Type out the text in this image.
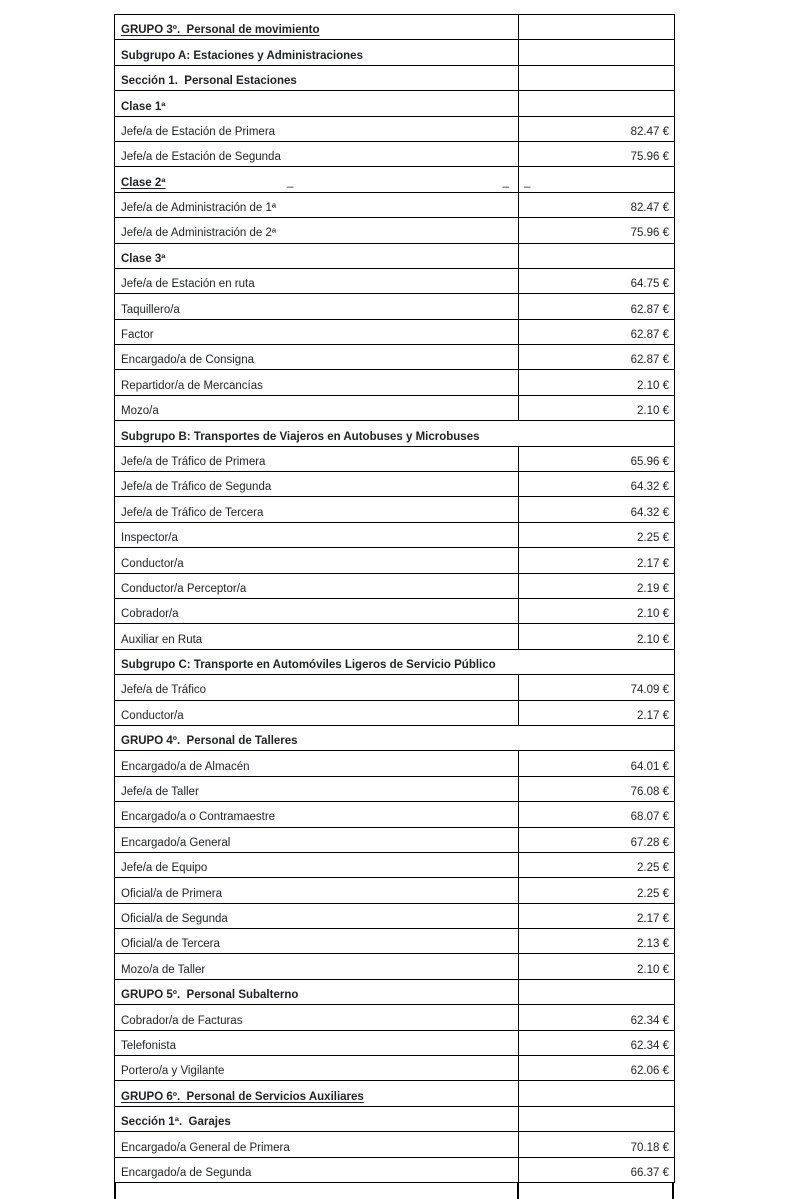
GRUPO 3º.  Personal de movimiento	
Subgrupo A: Estaciones y Administraciones	
Sección 1.  Personal Estaciones	
Clase 1ª	
Jefe/a de Estación de Primera	82.47 €
Jefe/a de Estación de Segunda	75.96 €
Clase 2ª _ _	_

Jefe/a de Administración de 1ª	82.47 €
Jefe/a de Administración de 2ª	75.96 €
Clase 3ª	
Jefe/a de Estación en ruta	64.75 €
Taquillero/a	62.87 €
Factor	62.87 €
Encargado/a de Consigna	62.87 €
Repartidor/a de Mercancías	2.10 €
Mozo/a	2.10 €
Subgrupo B: Transportes de Viajeros en Autobuses y Microbuses	
Jefe/a de Tráfico de Primera	65.96 €
Jefe/a de Tráfico de Segunda	64.32 €
Jefe/a de Tráfico de Tercera	64.32 €
Inspector/a	2.25 €
Conductor/a	2.17 €
Conductor/a Perceptor/a	2.19 €
Cobrador/a	2.10 €
Auxiliar en Ruta	2.10 €
Subgrupo C: Transporte en Automóviles Ligeros de Servicio Público	
Jefe/a de Tráfico	74.09 €
Conductor/a	2.17 €
GRUPO 4º.  Personal de Talleres	
Encargado/a de Almacén	64.01 €
Jefe/a de Taller	76.08 €
Encargado/a o Contramaestre	68.07 €
Encargado/a General	67.28 €
Jefe/a de Equipo	2.25 €
Oficial/a de Primera	2.25 €
Oficial/a de Segunda	2.17 €
Oficial/a de Tercera	2.13 €
Mozo/a de Taller	2.10 €
GRUPO 5º.  Personal Subalterno	
Cobrador/a de Facturas	62.34 €
Telefonista	62.34 €
Portero/a y Vigilante	62.06 €
GRUPO 6º.  Personal de Servicios Auxiliares	
Sección 1ª.  Garajes	
Encargado/a General de Primera	70.18 €
Encargado/a de Segunda	66.37 €
